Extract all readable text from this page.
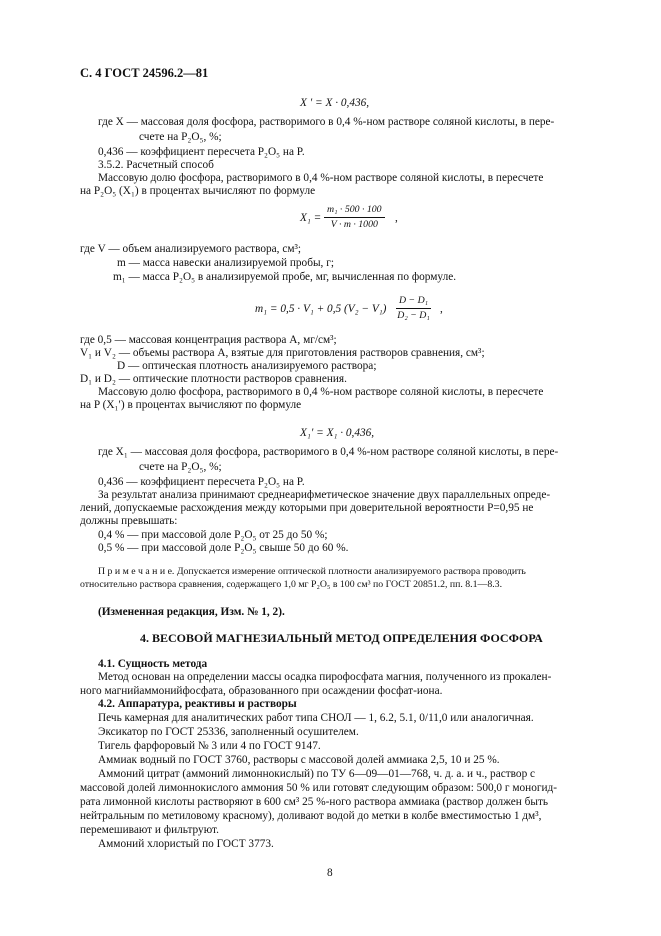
С. 4 ГОСТ 24596.2—81
X ′ = X · 0,436,
где X — массовая доля фосфора, растворимого в 0,4 %-ном растворе соляной кислоты, в пере-
счете на P₂O₅, %;
0,436 — коэффициент пересчета P₂O₅ на P.
3.5.2. Расчетный способ
Массовую долю фосфора, растворимого в 0,4 %-ном растворе соляной кислоты, в пересчете
на P₂O₅ (X₁) в процентах вычисляют по формуле
$X_1 = \frac{\text{m₁ · 500 · 100}}{V \cdot m \cdot 1000}$ ,
где V — объем анализируемого раствора, см³;
m — масса навески анализируемой пробы, г;
m₁ — масса P₂O₅ в анализируемой пробе, мг, вычисленная по формуле.
m₁ = 0,5 · V₁ + 0,5 $(V_2 - V_1) \frac{\text{D − D₁}}{\text{D₂ − D₁}}$ ,
где 0,5 — массовая концентрация раствора А, мг/см³;
V₁ и V₂ — объемы раствора А, взятые для приготовления растворов сравнения, см³;
D — оптическая плотность анализируемого раствора;
D₁ и D₂ — оптические плотности растворов сравнения.
Массовую долю фосфора, растворимого в 0,4 %-ном растворе соляной кислоты, в пересчете
на P (X₁′) в процентах вычисляют по формуле
X₁′ = X₁ · 0,436,
где X₁ — массовая доля фосфора, растворимого в 0,4 %-ном растворе соляной кислоты, в пере-
счете на P₂O₅, %;
0,436 — коэффициент пересчета P₂O₅ на P.
За результат анализа принимают среднеарифметическое значение двух параллельных опреде-
лений, допускаемые расхождения между которыми при доверительной вероятности Р=0,95 не
должны превышать:
0,4 % — при массовой доле P₂O₅ от 25 до 50 %;
0,5 % — при массовой доле P₂O₅ свыше 50 до 60 %.
П р и м е ч а н и е. Допускается измерение оптической плотности анализируемого раствора проводить
относительно раствора сравнения, содержащего 1,0 мг P₂O₅ в 100 см³ по ГОСТ 20851.2, пп. 8.1—8.3.
(Измененная редакция, Изм. № 1, 2).
4. ВЕСОВОЙ МАГНЕЗИАЛЬНЫЙ МЕТОД ОПРЕДЕЛЕНИЯ ФОСФОРА
4.1. Сущность метода
Метод основан на определении массы осадка пирофосфата магния, полученного из прокален-
ного магнийаммонийфосфата, образованного при осаждении фосфат-иона.
4.2. Аппаратура, реактивы и растворы
Печь камерная для аналитических работ типа СНОЛ — 1, 6.2, 5.1, 0/11,0 или аналогичная.
Эксикатор по ГОСТ 25336, заполненный осушителем.
Тигель фарфоровый № 3 или 4 по ГОСТ 9147.
Аммиак водный по ГОСТ 3760, растворы с массовой долей аммиака 2,5, 10 и 25 %.
Аммоний цитрат (аммоний лимоннокислый) по ТУ 6—09—01—768, ч. д. а. и ч., раствор с
массовой долей лимоннокислого аммония 50 % или готовят следующим образом: 500,0 г моногид-
рата лимонной кислоты растворяют в 600 см³ 25 %-ного раствора аммиака (раствор должен быть
нейтральным по метиловому красному), доливают водой до метки в колбе вместимостью 1 дм³,
перемешивают и фильтруют.
Аммоний хлористый по ГОСТ 3773.
8
